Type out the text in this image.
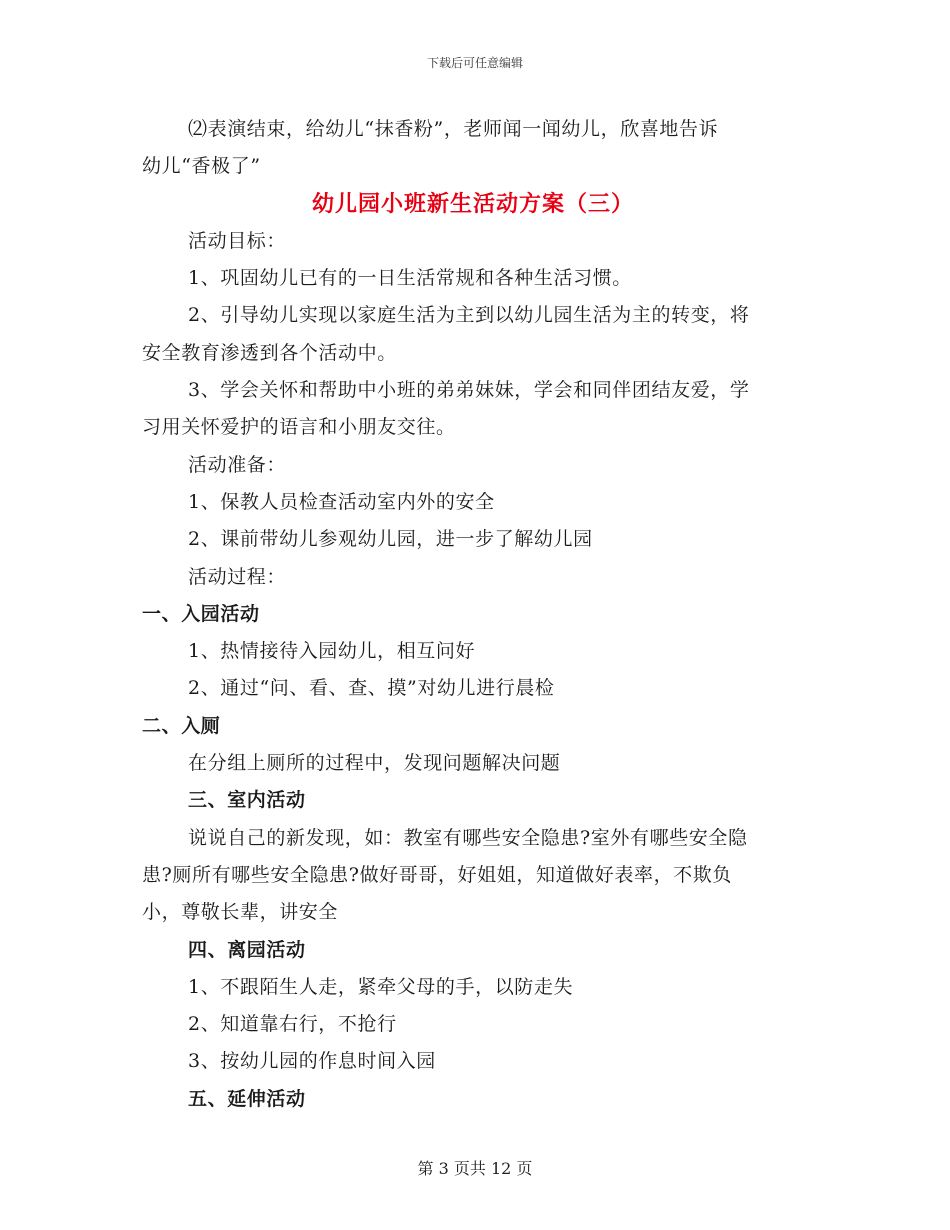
下载后可任意编辑
⑵表演结束，给幼儿“抹香粉”，老师闻一闻幼儿，欣喜地告诉
幼儿“香极了”
幼儿园小班新生活动方案（三）
活动目标：
1、巩固幼儿已有的一日生活常规和各种生活习惯。
2、引导幼儿实现以家庭生活为主到以幼儿园生活为主的转变，将
安全教育渗透到各个活动中。
3、学会关怀和帮助中小班的弟弟妹妹，学会和同伴团结友爱，学
习用关怀爱护的语言和小朋友交往。
活动准备：
1、保教人员检查活动室内外的安全
2、课前带幼儿参观幼儿园，进一步了解幼儿园
活动过程：
一、入园活动
1、热情接待入园幼儿，相互问好
2、通过“问、看、查、摸”对幼儿进行晨检
二、入厕
在分组上厕所的过程中，发现问题解决问题
三、室内活动
说说自己的新发现，如：教室有哪些安全隐患?室外有哪些安全隐
患?厕所有哪些安全隐患?做好哥哥，好姐姐，知道做好表率，不欺负
小，尊敬长辈，讲安全
四、离园活动
1、不跟陌生人走，紧牵父母的手，以防走失
2、知道靠右行，不抢行
3、按幼儿园的作息时间入园
五、延伸活动
第 3 页共 12 页
